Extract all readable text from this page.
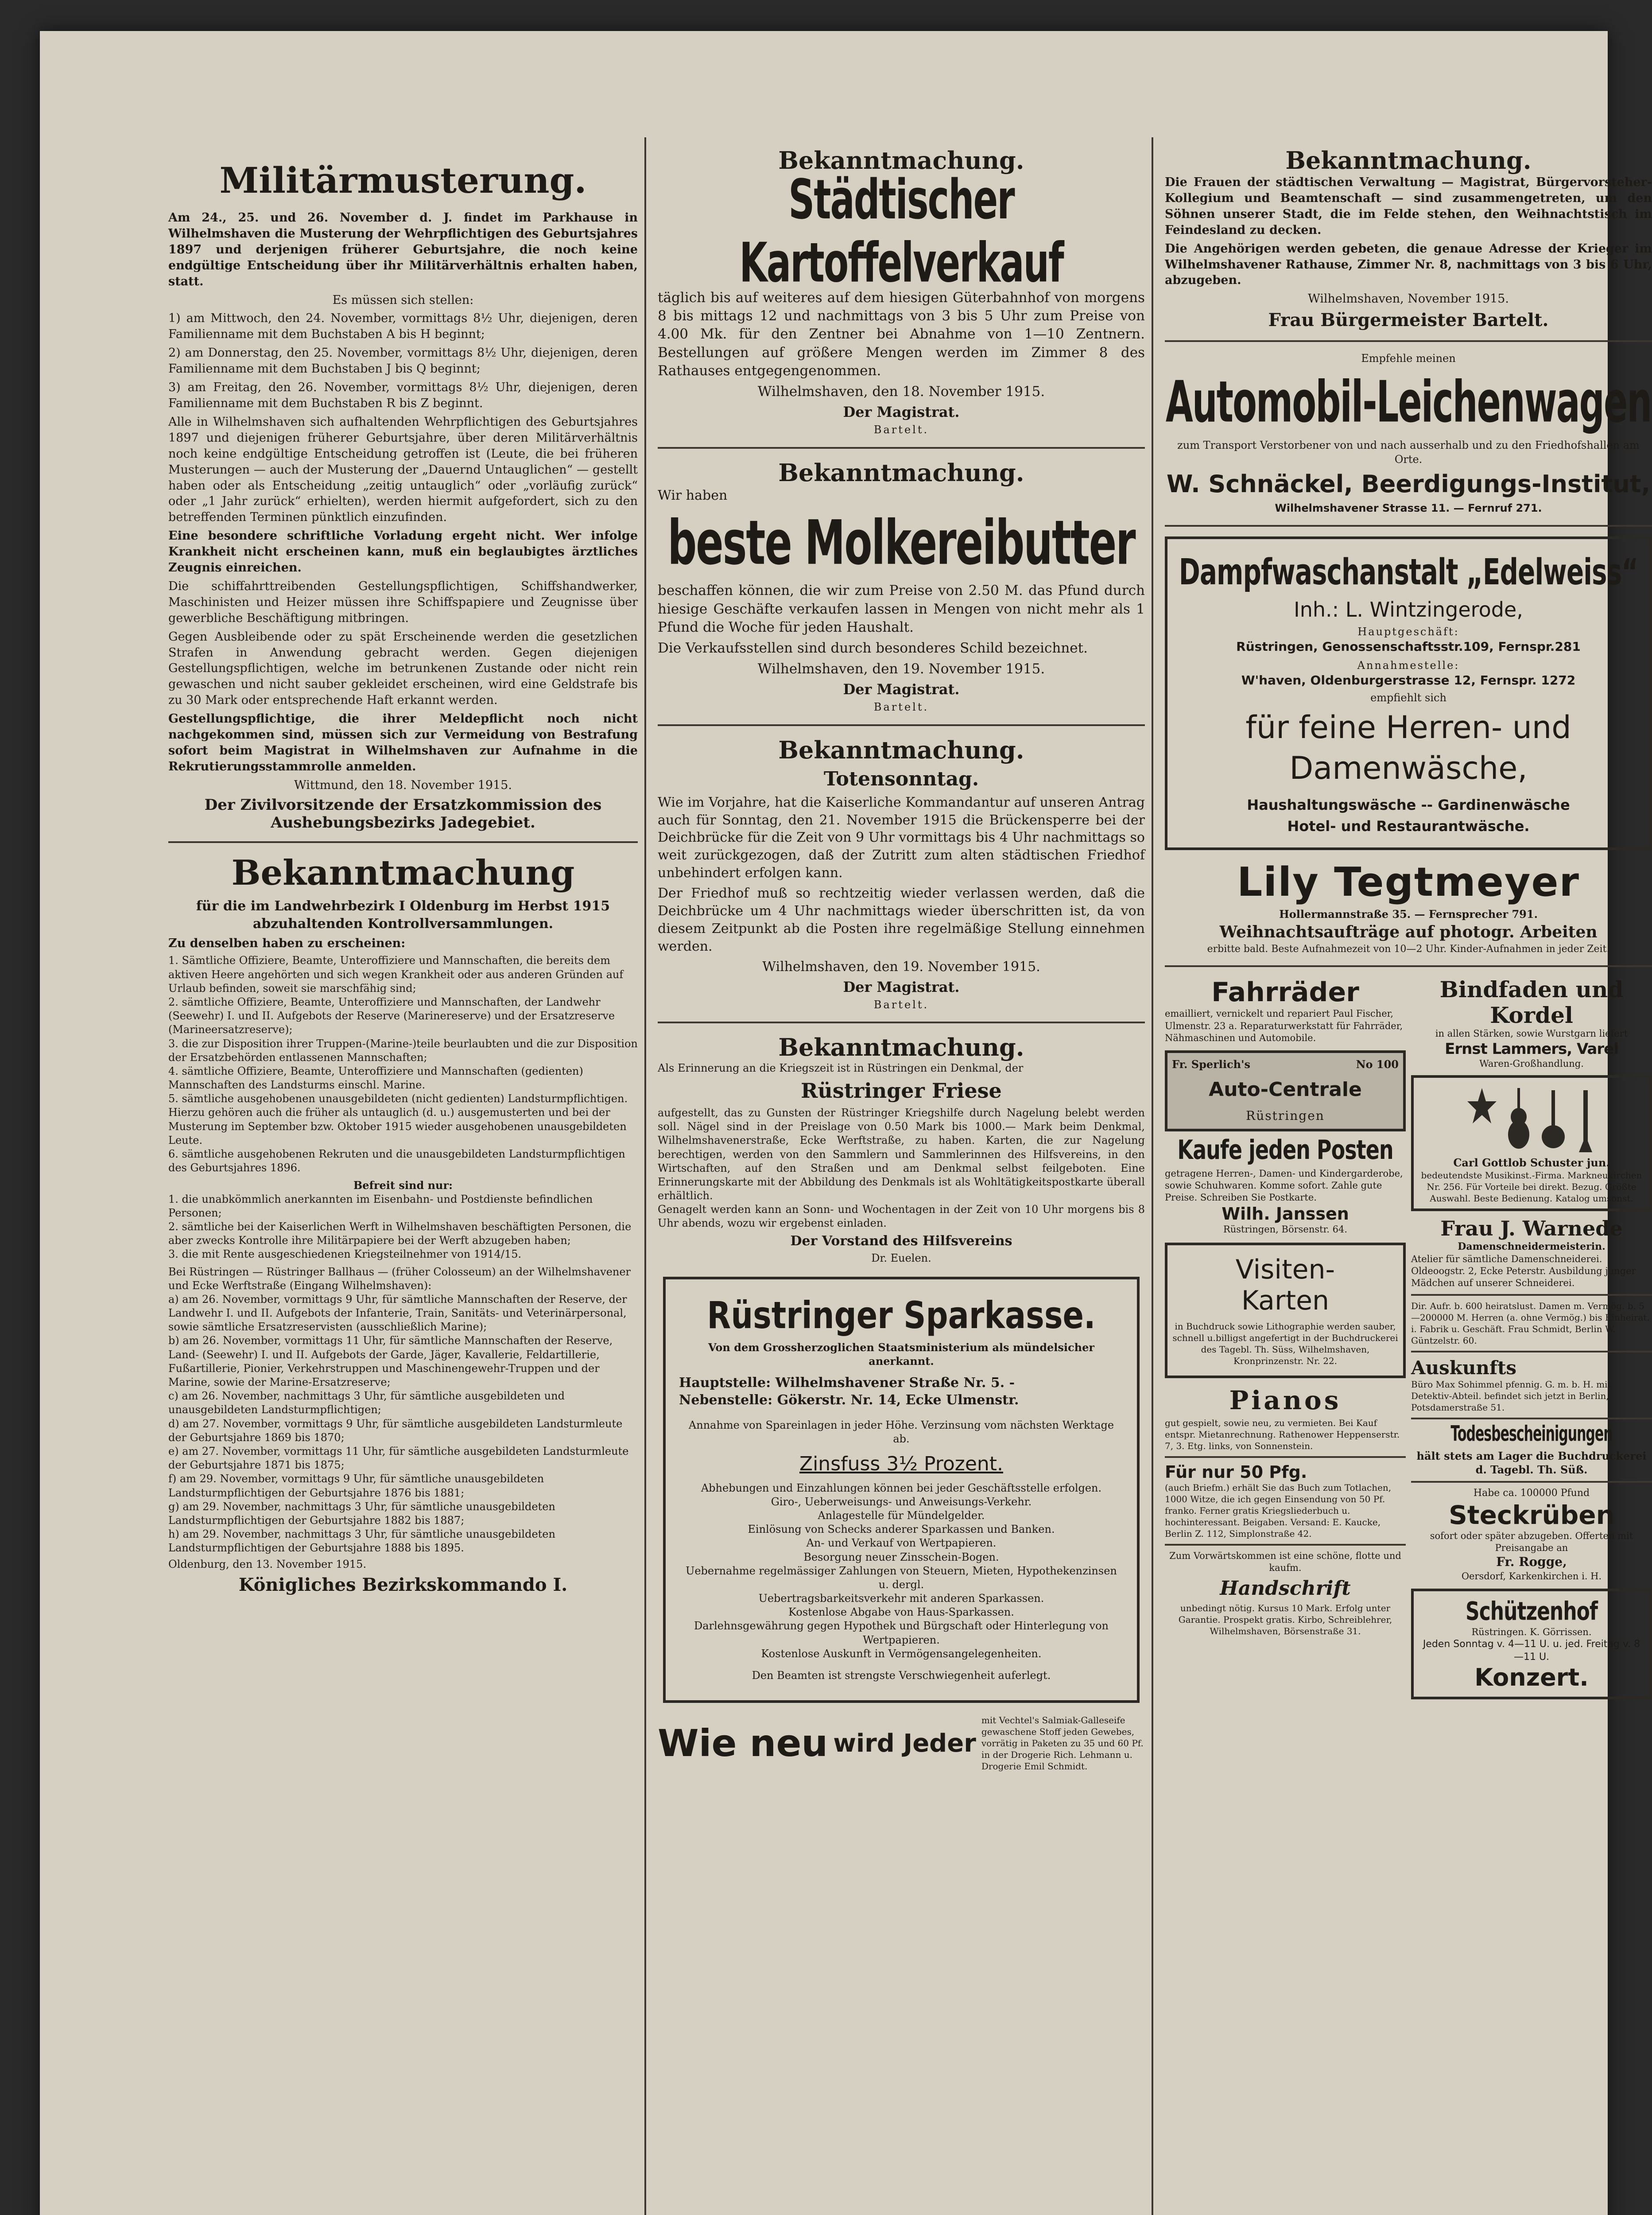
Militärmusterung.

Am 24., 25. und 26. November d. J. findet im Parkhause in Wilhelmshaven die Musterung der Wehrpflichtigen des Geburtsjahres 1897 und derjenigen früherer Geburtsjahre, die noch keine endgültige Entscheidung über ihr Militärverhältnis erhalten haben, statt.

Es müssen sich stellen:

1) am Mittwoch, den 24. November, vormittags 8½ Uhr, diejenigen, deren Familienname mit dem Buchstaben A bis H beginnt;

2) am Donnerstag, den 25. November, vormittags 8½ Uhr, diejenigen, deren Familienname mit dem Buchstaben J bis Q beginnt;

3) am Freitag, den 26. November, vormittags 8½ Uhr, diejenigen, deren Familienname mit dem Buchstaben R bis Z beginnt.

Alle in Wilhelmshaven sich aufhaltenden Wehrpflichtigen des Geburtsjahres 1897 und diejenigen früherer Geburtsjahre, über deren Militärverhältnis noch keine endgültige Entscheidung getroffen ist (Leute, die bei früheren Musterungen — auch der Musterung der „Dauernd Untauglichen“ — gestellt haben oder als Entscheidung „zeitig untauglich“ oder „vorläufig zurück“ oder „1 Jahr zurück“ erhielten), werden hiermit aufgefordert, sich zu den betreffenden Terminen pünktlich einzufinden.

Eine besondere schriftliche Vorladung ergeht nicht. Wer infolge Krankheit nicht erscheinen kann, muß ein beglaubigtes ärztliches Zeugnis einreichen.

Die schiffahrttreibenden Gestellungspflichtigen, Schiffshandwerker, Maschinisten und Heizer müssen ihre Schiffspapiere und Zeugnisse über gewerbliche Beschäftigung mitbringen.

Gegen Ausbleibende oder zu spät Erscheinende werden die gesetzlichen Strafen in Anwendung gebracht werden. Gegen diejenigen Gestellungspflichtigen, welche im betrunkenen Zustande oder nicht rein gewaschen und nicht sauber gekleidet erscheinen, wird eine Geldstrafe bis zu 30 Mark oder entsprechende Haft erkannt werden.

Gestellungspflichtige, die ihrer Meldepflicht noch nicht nachgekommen sind, müssen sich zur Vermeidung von Bestrafung sofort beim Magistrat in Wilhelmshaven zur Aufnahme in die Rekrutierungsstammrolle anmelden.

Wittmund, den 18. November 1915.

Der Zivilvorsitzende der Ersatzkommission des Aushebungsbezirks Jadegebiet.

Bekanntmachung

für die im Landwehrbezirk I Oldenburg im Herbst 1915 abzuhaltenden Kontrollversammlungen.

Zu denselben haben zu erscheinen:

1. Sämtliche Offiziere, Beamte, Unteroffiziere und Mannschaften, die bereits dem aktiven Heere angehörten und sich wegen Krankheit oder aus anderen Gründen auf Urlaub befinden, soweit sie marschfähig sind;

2. sämtliche Offiziere, Beamte, Unteroffiziere und Mannschaften, der Landwehr (Seewehr) I. und II. Aufgebots der Reserve (Marinereserve) und der Ersatzreserve (Marineersatzreserve);

3. die zur Disposition ihrer Truppen-(Marine-)teile beurlaubten und die zur Disposition der Ersatzbehörden entlassenen Mannschaften;

4. sämtliche Offiziere, Beamte, Unteroffiziere und Mannschaften (gedienten) Mannschaften des Landsturms einschl. Marine.

5. sämtliche ausgehobenen unausgebildeten (nicht gedienten) Landsturmpflichtigen.

Hierzu gehören auch die früher als untauglich (d. u.) ausgemusterten und bei der Musterung im September bzw. Oktober 1915 wieder ausgehobenen unausgebildeten Leute.

6. sämtliche ausgehobenen Rekruten und die unausgebildeten Landsturmpflichtigen des Geburtsjahres 1896.

Befreit sind nur:

1. die unabkömmlich anerkannten im Eisenbahn- und Postdienste befindlichen Personen;

2. sämtliche bei der Kaiserlichen Werft in Wilhelmshaven beschäftigten Personen, die aber zwecks Kontrolle ihre Militärpapiere bei der Werft abzugeben haben;

3. die mit Rente ausgeschiedenen Kriegsteilnehmer von 1914/15.

Bei Rüstringen — Rüstringer Ballhaus — (früher Colosseum) an der Wilhelmshavener und Ecke Werftstraße (Eingang Wilhelmshaven):

a) am 26. November, vormittags 9 Uhr, für sämtliche Mannschaften der Reserve, der Landwehr I. und II. Aufgebots der Infanterie, Train, Sanitäts- und Veterinärpersonal, sowie sämtliche Ersatzreservisten (ausschließlich Marine);

b) am 26. November, vormittags 11 Uhr, für sämtliche Mannschaften der Reserve, Land- (Seewehr) I. und II. Aufgebots der Garde, Jäger, Kavallerie, Feldartillerie, Fußartillerie, Pionier, Verkehrstruppen und Maschinengewehr-Truppen und der Marine, sowie der Marine-Ersatzreserve;

c) am 26. November, nachmittags 3 Uhr, für sämtliche ausgebildeten und unausgebildeten Landsturmpflichtigen;

d) am 27. November, vormittags 9 Uhr, für sämtliche ausgebildeten Landsturmleute der Geburtsjahre 1869 bis 1870;

e) am 27. November, vormittags 11 Uhr, für sämtliche ausgebildeten Landsturmleute der Geburtsjahre 1871 bis 1875;

f) am 29. November, vormittags 9 Uhr, für sämtliche unausgebildeten Landsturmpflichtigen der Geburtsjahre 1876 bis 1881;

g) am 29. November, nachmittags 3 Uhr, für sämtliche unausgebildeten Landsturmpflichtigen der Geburtsjahre 1882 bis 1887;

h) am 29. November, nachmittags 3 Uhr, für sämtliche unausgebildeten Landsturmpflichtigen der Geburtsjahre 1888 bis 1895.

Oldenburg, den 13. November 1915.

Königliches Bezirkskommando I.

Bekanntmachung.
Städtischer Kartoffelverkauf

täglich bis auf weiteres auf dem hiesigen Güterbahnhof von morgens 8 bis mittags 12 und nachmittags von 3 bis 5 Uhr zum Preise von 4.00 Mk. für den Zentner bei Abnahme von 1—10 Zentnern. Bestellungen auf größere Mengen werden im Zimmer 8 des Rathauses entgegengenommen.

Wilhelmshaven, den 18. November 1915.

Der Magistrat.

Bartelt.

Bekanntmachung.

Wir haben

beste Molkereibutter

beschaffen können, die wir zum Preise von 2.50 M. das Pfund durch hiesige Geschäfte verkaufen lassen in Mengen von nicht mehr als 1 Pfund die Woche für jeden Haushalt.

Die Verkaufsstellen sind durch besonderes Schild bezeichnet.

Wilhelmshaven, den 19. November 1915.

Der Magistrat.

Bartelt.

Bekanntmachung.
Totensonntag.

Wie im Vorjahre, hat die Kaiserliche Kommandantur auf unseren Antrag auch für Sonntag, den 21. November 1915 die Brückensperre bei der Deichbrücke für die Zeit von 9 Uhr vormittags bis 4 Uhr nachmittags so weit zurückgezogen, daß der Zutritt zum alten städtischen Friedhof unbehindert erfolgen kann.

Der Friedhof muß so rechtzeitig wieder verlassen werden, daß die Deichbrücke um 4 Uhr nachmittags wieder überschritten ist, da von diesem Zeitpunkt ab die Posten ihre regelmäßige Stellung einnehmen werden.

Wilhelmshaven, den 19. November 1915.

Der Magistrat.

Bartelt.

Bekanntmachung.

Als Erinnerung an die Kriegszeit ist in Rüstringen ein Denkmal, der

Rüstringer Friese

aufgestellt, das zu Gunsten der Rüstringer Kriegshilfe durch Nagelung belebt werden soll. Nägel sind in der Preislage von 0.50 Mark bis 1000.— Mark beim Denkmal, Wilhelmshavenerstraße, Ecke Werftstraße, zu haben. Karten, die zur Nagelung berechtigen, werden von den Sammlern und Sammlerinnen des Hilfsvereins, in den Wirtschaften, auf den Straßen und am Denkmal selbst feilgeboten. Eine Erinnerungskarte mit der Abbildung des Denkmals ist als Wohltätigkeitspostkarte überall erhältlich.

Genagelt werden kann an Sonn- und Wochentagen in der Zeit von 10 Uhr morgens bis 8 Uhr abends, wozu wir ergebenst einladen.

Der Vorstand des Hilfsvereins

Dr. Euelen.

Rüstringer Sparkasse.

Von dem Grossherzoglichen Staatsministerium als mündelsicher anerkannt.

Hauptstelle: Wilhelmshavener Straße Nr. 5. -

Nebenstelle: Gökerstr. Nr. 14, Ecke Ulmenstr.

Annahme von Spareinlagen in jeder Höhe. Verzinsung vom nächsten Werktage ab.

Zinsfuss 3½ Prozent.

Abhebungen und Einzahlungen können bei jeder Geschäftsstelle erfolgen.

Giro-, Ueberweisungs- und Anweisungs-Verkehr.

Anlagestelle für Mündelgelder.

Einlösung von Schecks anderer Sparkassen und Banken.

An- und Verkauf von Wertpapieren.

Besorgung neuer Zinsschein-Bogen.

Uebernahme regelmässiger Zahlungen von Steuern, Mieten, Hypothekenzinsen u. dergl.

Uebertragsbarkeitsverkehr mit anderen Sparkassen.

Kostenlose Abgabe von Haus-Sparkassen.

Darlehnsgewährung gegen Hypothek und Bürgschaft oder Hinterlegung von Wertpapieren.

Kostenlose Auskunft in Vermögensangelegenheiten.

Den Beamten ist strengste Verschwiegenheit auferlegt.

Wie neu wird Jeder
mit Vechtel's Salmiak-Galleseife gewaschene Stoff jeden Gewebes, vorrätig in Paketen zu 35 und 60 Pf. in der Drogerie Rich. Lehmann u. Drogerie Emil Schmidt.
Bekanntmachung.

Die Frauen der städtischen Verwaltung — Magistrat, Bürgervorsteher-Kollegium und Beamtenschaft — sind zusammengetreten, um den Söhnen unserer Stadt, die im Felde stehen, den Weihnachtstisch im Feindesland zu decken.

Die Angehörigen werden gebeten, die genaue Adresse der Krieger im Wilhelmshavener Rathause, Zimmer Nr. 8, nachmittags von 3 bis 6 Uhr, abzugeben.

Wilhelmshaven, November 1915.

Frau Bürgermeister Bartelt.

Empfehle meinen

Automobil-Leichenwagen

zum Transport Verstorbener von und nach ausserhalb und zu den Friedhofshallen am Orte.

W. Schnäckel, Beerdigungs-Institut,

Wilhelmshavener Strasse 11. — Fernruf 271.

Dampfwaschanstalt „Edelweiss“

Inh.: L. Wintzingerode,

Hauptgeschäft:

Rüstringen, Genossenschaftsstr.109, Fernspr.281

Annahmestelle:

W'haven, Oldenburgerstrasse 12, Fernspr. 1272

empfiehlt sich

für feine Herren- und

Damenwäsche,

Haushaltungswäsche -- Gardinenwäsche

Hotel- und Restaurantwäsche.

Lily Tegtmeyer

Hollermannstraße 35. — Fernsprecher 791.

Weihnachtsaufträge auf photogr. Arbeiten

erbitte bald. Beste Aufnahmezeit von 10—2 Uhr. Kinder-Aufnahmen in jeder Zeit.

Fahrräder

emailliert, vernickelt und repariert Paul Fischer, Ulmenstr. 23 a. Reparaturwerkstatt für Fahrräder, Nähmaschinen und Automobile.

Fr. Sperlich's	No 100

Auto-Centrale

Rüstringen

Kaufe jeden Posten

getragene Herren-, Damen- und Kindergarderobe, sowie Schuhwaren. Komme sofort. Zahle gute Preise. Schreiben Sie Postkarte.

Wilh. Janssen

Rüstringen, Börsenstr. 64.

Visiten-

Karten

in Buchdruck sowie Lithographie werden sauber, schnell u.billigst angefertigt in der Buchdruckerei des Tagebl. Th. Süss, Wilhelmshaven, Kronprinzenstr. Nr. 22.

Pianos

gut gespielt, sowie neu, zu vermieten. Bei Kauf entspr. Mietanrechnung. Rathenower Heppenserstr. 7, 3. Etg. links, von Sonnenstein.

Für nur 50 Pfg.

(auch Briefm.) erhält Sie das Buch zum Totlachen, 1000 Witze, die ich gegen Einsendung von 50 Pf. franko. Ferner gratis Kriegsliederbuch u. hochinteressant. Beigaben. Versand: E. Kaucke, Berlin Z. 112, Simplonstraße 42.

Zum Vorwärtskommen ist eine schöne, flotte und kaufm.

Handschrift

unbedingt nötig. Kursus 10 Mark. Erfolg unter Garantie. Prospekt gratis. Kirbo, Schreiblehrer, Wilhelmshaven, Börsenstraße 31.

Bindfaden und Kordel

in allen Stärken, sowie Wurstgarn liefert

Ernst Lammers, Varel

Waren-Großhandlung.

Carl Gottlob Schuster jun.

bedeutendste Musikinst.-Firma. Markneukirchen Nr. 256. Für Vorteile bei direkt. Bezug. Größte Auswahl. Beste Bedienung. Katalog umsonst.

Frau J. Warnede

Damenschneidermeisterin.

Atelier für sämtliche Damenschneiderei. Oldeoogstr. 2, Ecke Peterstr. Ausbildung junger Mädchen auf unserer Schneiderei.

Dir. Aufr. b. 600 heiratslust. Damen m. Vermög. b. 5—200000 M. Herren (a. ohne Vermög.) bis Einheirat. i. Fabrik u. Geschäft. Frau Schmidt, Berlin W. Güntzelstr. 60.

Auskunfts

Büro Max Sohimmel pfennig. G. m. b. H. mit Detektiv-Abteil. befindet sich jetzt in Berlin, Potsdamerstraße 51.

Todesbescheinigungen

hält stets am Lager die Buchdruckerei d. Tagebl. Th. Süß.

Habe ca. 100000 Pfund

Steckrüben

sofort oder später abzugeben. Offerten mit Preisangabe an

Fr. Rogge,

Oersdorf, Karkenkirchen i. H.

Schützenhof

Rüstringen. K. Görrissen.

Jeden Sonntag v. 4—11 U. u. jed. Freitag v. 8—11 U.

Konzert.
